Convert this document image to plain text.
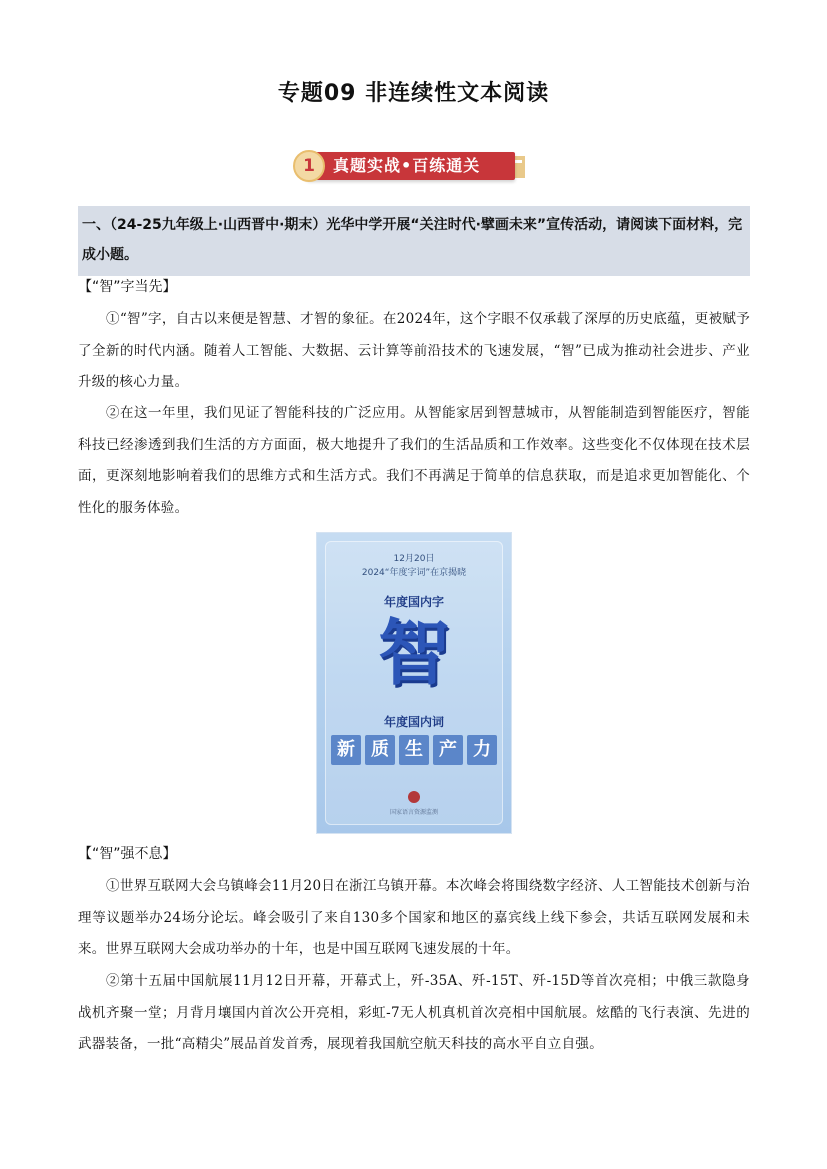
专题09 非连续性文本阅读
1	真题实战•百练通关
一、（24-25九年级上·山西晋中·期末）光华中学开展“关注时代·擘画未来”宣传活动，请阅读下面材料，完成小题。
【“智”字当先】
①“智”字，自古以来便是智慧、才智的象征。在2024年，这个字眼不仅承载了深厚的历史底蕴，更被赋予了全新的时代内涵。随着人工智能、大数据、云计算等前沿技术的飞速发展，“智”已成为推动社会进步、产业升级的核心力量。
②在这一年里，我们见证了智能科技的广泛应用。从智能家居到智慧城市，从智能制造到智能医疗，智能科技已经渗透到我们生活的方方面面，极大地提升了我们的生活品质和工作效率。这些变化不仅体现在技术层面，更深刻地影响着我们的思维方式和生活方式。我们不再满足于简单的信息获取，而是追求更加智能化、个性化的服务体验。
12月20日
2024“年度字词”在京揭晓
年度国内字
智
年度国内词
新 质 生 产 力
国家语言资源监测
【“智”强不息】
①世界互联网大会乌镇峰会11月20日在浙江乌镇开幕。本次峰会将围绕数字经济、人工智能技术创新与治理等议题举办24场分论坛。峰会吸引了来自130多个国家和地区的嘉宾线上线下参会，共话互联网发展和未来。世界互联网大会成功举办的十年，也是中国互联网飞速发展的十年。
②第十五届中国航展11月12日开幕，开幕式上，歼-35A、歼-15T、歼-15D等首次亮相；中俄三款隐身战机齐聚一堂；月背月壤国内首次公开亮相，彩虹-7无人机真机首次亮相中国航展。炫酷的飞行表演、先进的武器装备，一批“高精尖”展品首发首秀，展现着我国航空航天科技的高水平自立自强。
